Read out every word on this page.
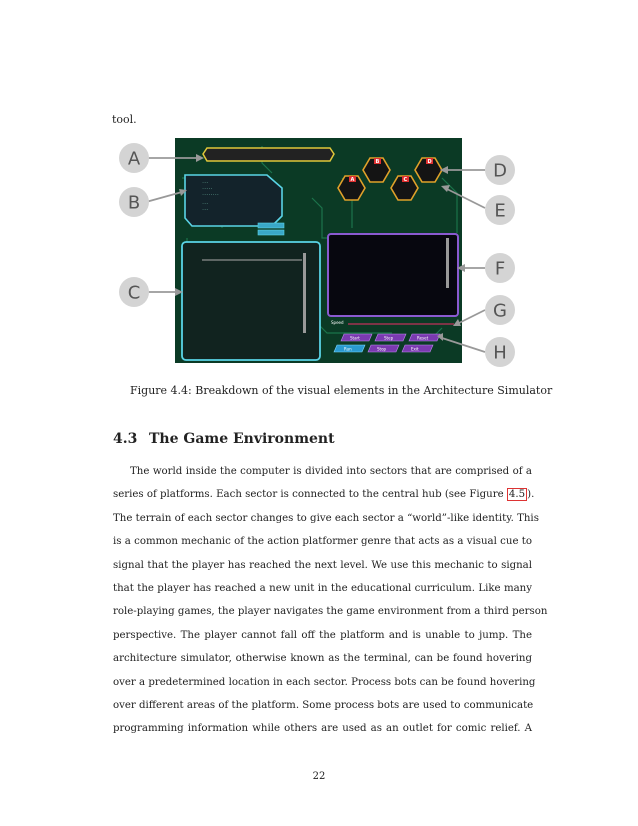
tool.
---
-----
--------
---
---
B	D
A	C
Speed
Start	Step	Reset
Run	Stop	Exit
A
B
C
D
E
F
G
H
Figure 4.4: Breakdown of the visual elements in the Architecture Simulator
4.3 The Game Environment
The world inside the computer is divided into sectors that are comprised of a
series of platforms. Each sector is connected to the central hub (see Figure 4.5 ).
The terrain of each sector changes to give each sector a “world”-like identity. This
is a common mechanic of the action platformer genre that acts as a visual cue to
signal that the player has reached the next level. We use this mechanic to signal
that the player has reached a new unit in the educational curriculum. Like many
role-playing games, the player navigates the game environment from a third person
perspective. The player cannot fall off the platform and is unable to jump. The
architecture simulator, otherwise known as the terminal, can be found hovering
over a predetermined location in each sector. Process bots can be found hovering
over different areas of the platform. Some process bots are used to communicate
programming information while others are used as an outlet for comic relief. A
22
